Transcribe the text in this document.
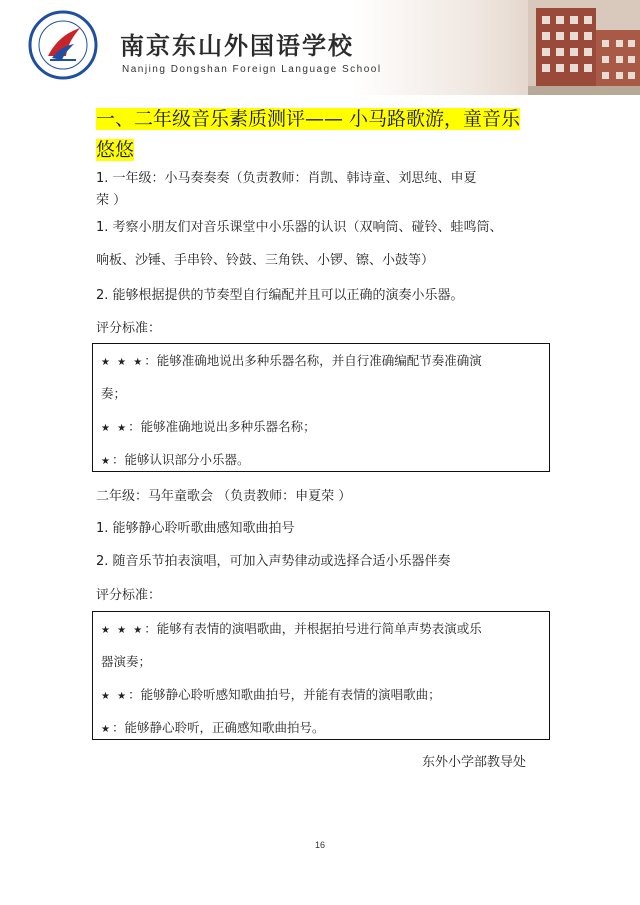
南京东山外国语学校
Nanjing Dongshan Foreign Language School
一、二年级音乐素质测评—— 小马路歌游，童音乐
悠悠
1. 一年级：小马奏奏奏（负责教师：肖凯、韩诗童、刘思纯、申夏
荣 ）
1. 考察小朋友们对音乐课堂中小乐器的认识（双响筒、碰铃、蛙鸣筒、
响板、沙锤、手串铃、铃鼓、三角铁、小锣、镲、小鼓等）
2. 能够根据提供的节奏型自行编配并且可以正确的演奏小乐器。
评分标准：
★ ★ ★：能够准确地说出多种乐器名称，并自行准确编配节奏准确演
奏；
★ ★：能够准确地说出多种乐器名称；
★：能够认识部分小乐器。
二年级：马年童歌会 （负责教师：申夏荣 ）
1. 能够静心聆听歌曲感知歌曲拍号
2. 随音乐节拍表演唱，可加入声势律动或选择合适小乐器伴奏
评分标准：
★ ★ ★：能够有表情的演唱歌曲，并根据拍号进行简单声势表演或乐
器演奏；
★ ★：能够静心聆听感知歌曲拍号，并能有表情的演唱歌曲；
★：能够静心聆听，正确感知歌曲拍号。
东外小学部教导处
16
